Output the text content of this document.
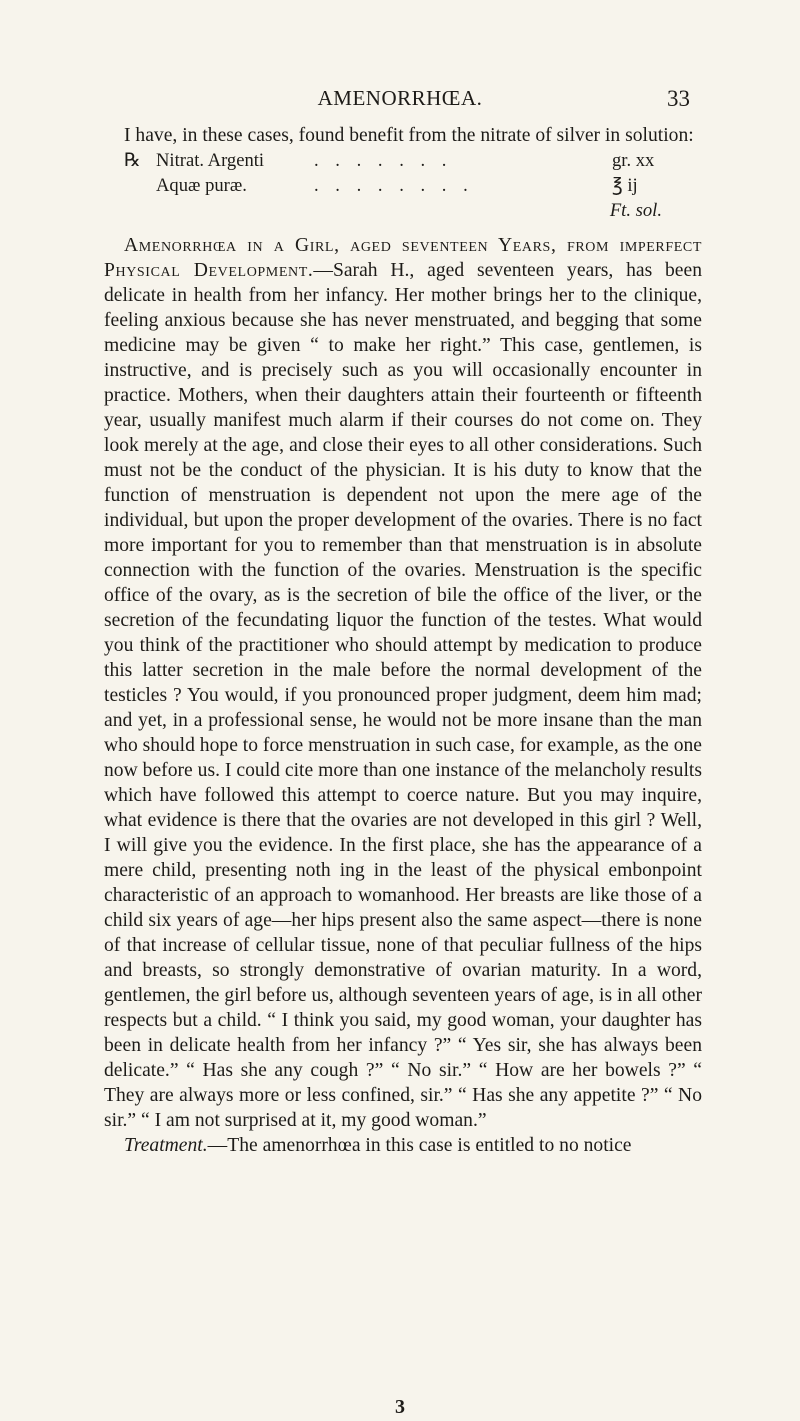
AMENORRHŒA.	33

I have, in these cases, found benefit from the nitrate of silver in solution:

℞ Nitrat. Argenti	. . . . . . .	gr. xx
Aquæ puræ.	. . . . . . . .	℥ ij
Ft. sol.

Amenorrhœa in a Girl, aged seventeen Years, from imperfect Physical Development.—Sarah H., aged seventeen years, has been delicate in health from her infancy. Her mother brings her to the clinique, feeling anxious because she has never menstruated, and begging that some medicine may be given “ to make her right.” This case, gentlemen, is instructive, and is precisely such as you will occasionally encounter in practice. Mothers, when their daughters attain their fourteenth or fifteenth year, usually manifest much alarm if their courses do not come on. They look merely at the age, and close their eyes to all other considerations. Such must not be the conduct of the physician. It is his duty to know that the function of menstruation is dependent not upon the mere age of the individual, but upon the proper development of the ovaries. There is no fact more important for you to remember than that menstruation is in absolute connection with the function of the ovaries. Menstruation is the specific office of the ovary, as is the secretion of bile the office of the liver, or the secretion of the fecundating liquor the function of the testes. What would you think of the practitioner who should attempt by medication to produce this latter secretion in the male before the normal development of the testicles ? You would, if you pronounced proper judgment, deem him mad; and yet, in a professional sense, he would not be more insane than the man who should hope to force menstruation in such case, for example, as the one now before us. I could cite more than one instance of the melancholy results which have followed this attempt to coerce nature. But you may inquire, what evidence is there that the ovaries are not developed in this girl ? Well, I will give you the evidence. In the first place, she has the appearance of a mere child, presenting noth ing in the least of the physical embonpoint characteristic of an approach to womanhood. Her breasts are like those of a child six years of age—her hips present also the same aspect—there is none of that increase of cellular tissue, none of that peculiar fullness of the hips and breasts, so strongly demonstrative of ovarian maturity. In a word, gentlemen, the girl before us, although seventeen years of age, is in all other respects but a child. “ I think you said, my good woman, your daughter has been in delicate health from her infancy ?” “ Yes sir, she has always been delicate.” “ Has she any cough ?” “ No sir.” “ How are her bowels ?” “ They are always more or less confined, sir.” “ Has she any appetite ?” “ No sir.” “ I am not surprised at it, my good woman.”

Treatment.—The amenorrhœa in this case is entitled to no notice

3
